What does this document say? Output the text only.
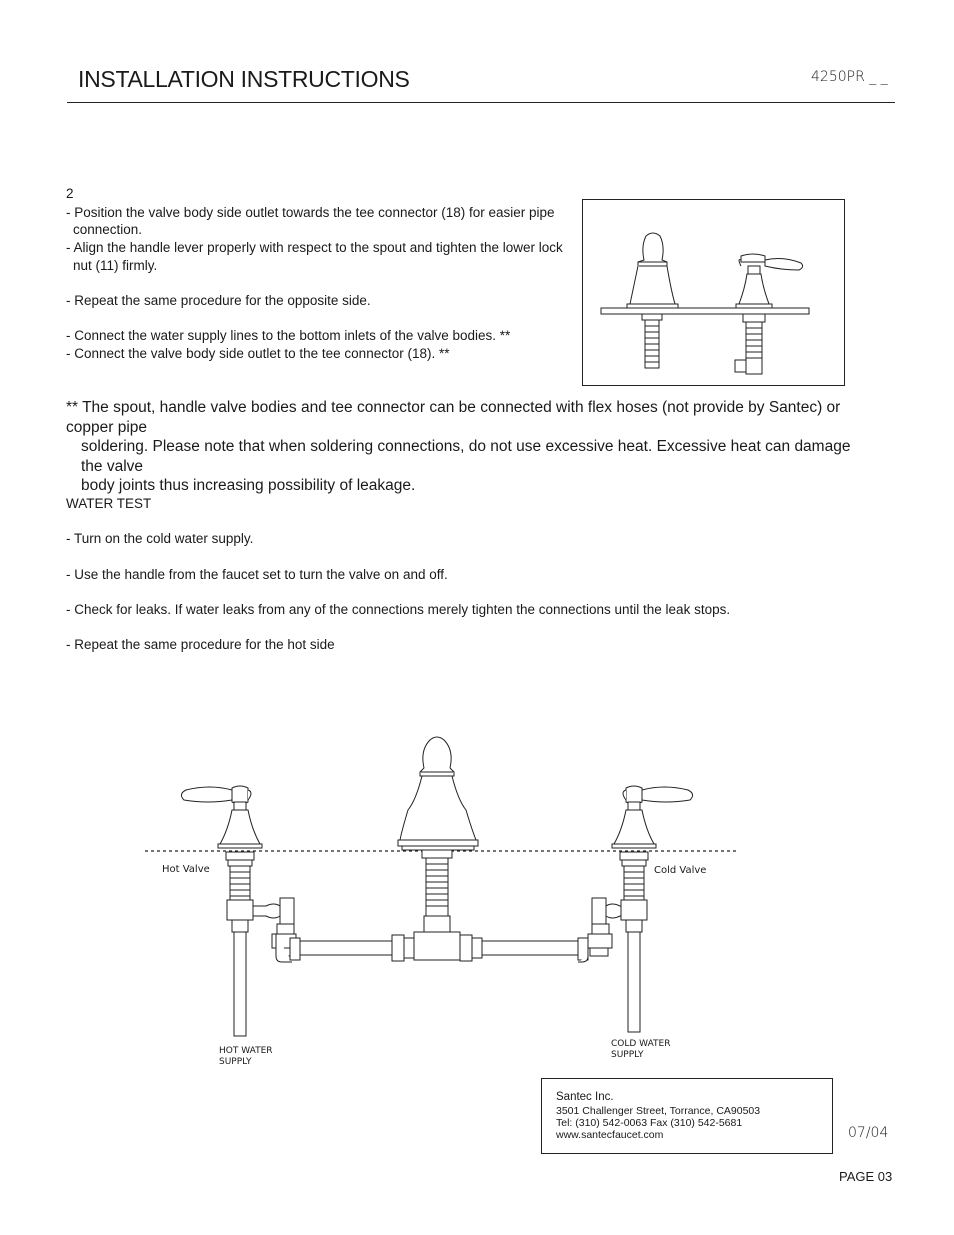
INSTALLATION INSTRUCTIONS	4250PR _ _
2
- Position the valve body side outlet towards the tee connector (18) for easier pipe
connection.
- Align the handle lever properly with respect to the spout and tighten the lower lock
nut (11) firmly.
- Repeat the same procedure for the opposite side.
- Connect the water supply lines to the bottom inlets of the valve bodies. **
- Connect the valve body side outlet to the tee connector (18). **
** The spout, handle valve bodies and tee connector can be connected with flex hoses (not provide by Santec) or copper pipe
soldering. Please note that when soldering connections, do not use excessive heat. Excessive heat can damage the valve
body joints thus increasing possibility of leakage.
WATER TEST
- Turn on the cold water supply.
- Use the handle from the faucet set to turn the valve on and off.
- Check for leaks. If water leaks from any of the connections merely tighten the connections until the leak stops.
- Repeat the same procedure for the hot side
Hot Valve	Cold Valve
HOT WATER
SUPPLY
COLD WATER
SUPPLY
Santec Inc.
3501 Challenger Street, Torrance, CA90503
Tel: (310) 542-0063 Fax (310) 542-5681
www.santecfaucet.com	07/04
PAGE 03
